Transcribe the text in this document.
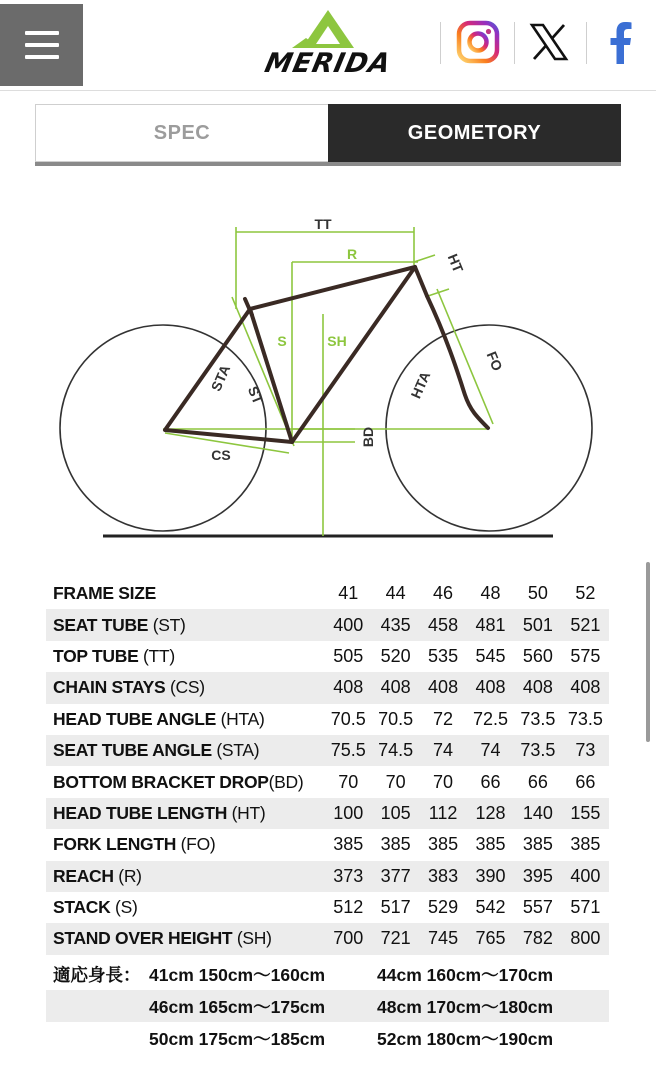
MERIDA
SPEC	GEOMETORY
TT
R
S	SH
CS
BD
HT
FO
STA
ST	HTA
FRAME SIZE	41	44	46	48	50	52
SEAT TUBE (ST)	400 435 458 481 501 521
TOP TUBE (TT)	505 520 535 545 560 575
CHAIN STAYS (CS)	408 408 408 408 408 408
HEAD TUBE ANGLE (HTA)	70.5 70.5	72	72.5 73.5 73.5
SEAT TUBE ANGLE (STA)	75.5 74.5	74	74	73.5	73
BOTTOM BRACKET DROP(BD)	70	70	70	66	66	66
HEAD TUBE LENGTH (HT)	100 105	112	128 140 155
FORK LENGTH (FO)	385 385 385 385 385 385
REACH (R)	373 377 383 390 395 400
STACK (S)	512 517 529 542 557 571
STAND OVER HEIGHT (SH)	700 721 745 765 782 800
適応身長： 41cm 150cm〜160cm	44cm 160cm〜170cm
46cm 165cm〜175cm	48cm 170cm〜180cm
50cm 175cm〜185cm	52cm 180cm〜190cm
